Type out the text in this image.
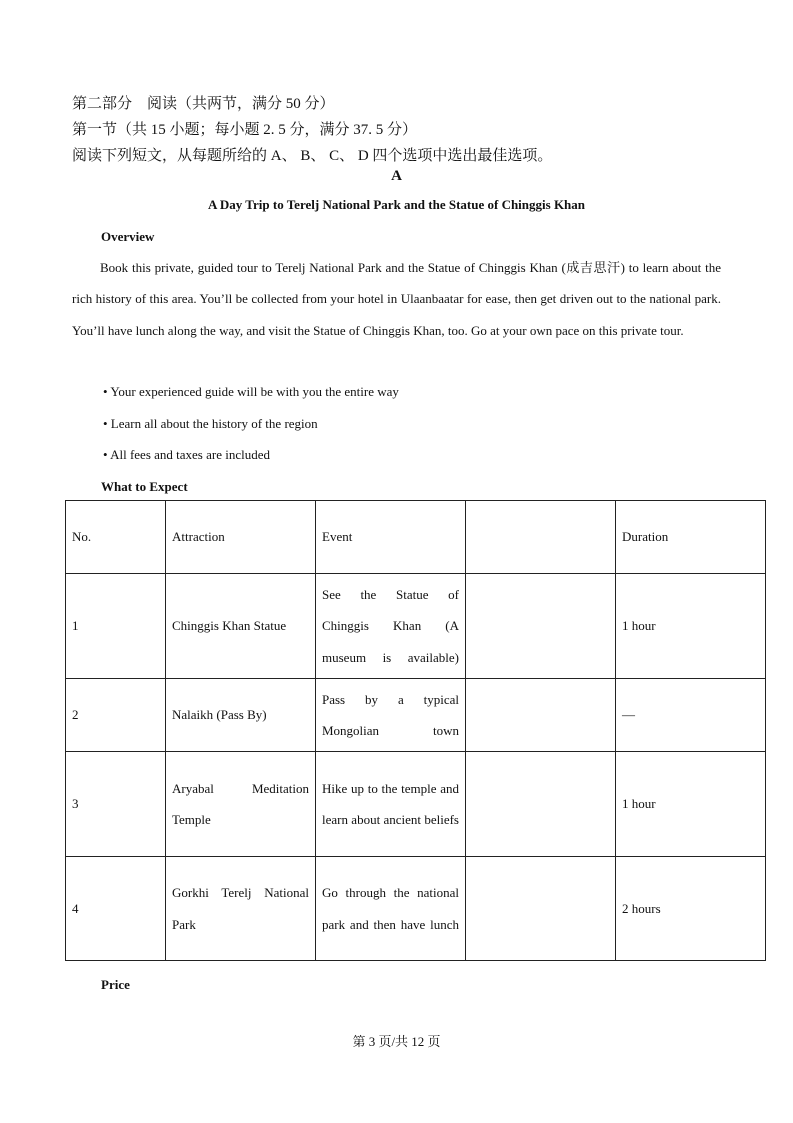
第二部分　阅读（共两节，满分 50 分）
第一节（共 15 小题；每小题 2. 5 分，满分 37. 5 分）
阅读下列短文，从每题所给的 A、 B、 C、 D 四个选项中选出最佳选项。
A
A Day Trip to Terelj National Park and the Statue of Chinggis Khan
Overview
Book this private, guided tour to Terelj National Park and the Statue of Chinggis Khan (成吉思汗) to learn about the rich history of this area. You’ll be collected from your hotel in Ulaanbaatar for ease, then get driven out to the national park. You’ll have lunch along the way, and visit the Statue of Chinggis Khan, too. Go at your own pace on this private tour.
• Your experienced guide will be with you the entire way
• Learn all about the history of the region
• All fees and taxes are included
What to Expect
No.	Attraction	Event		Duration
1	Chinggis Khan Statue	See the Statue of Chinggis Khan (A museum is available)		1 hour
2	Nalaikh (Pass By)	Pass by a typical Mongolian town		—
3	Aryabal Meditation Temple	Hike up to the temple and learn about ancient beliefs		1 hour
4	Gorkhi Terelj National Park	Go through the national park and then have lunch		2 hours
Price
第 3 页/共 12 页
